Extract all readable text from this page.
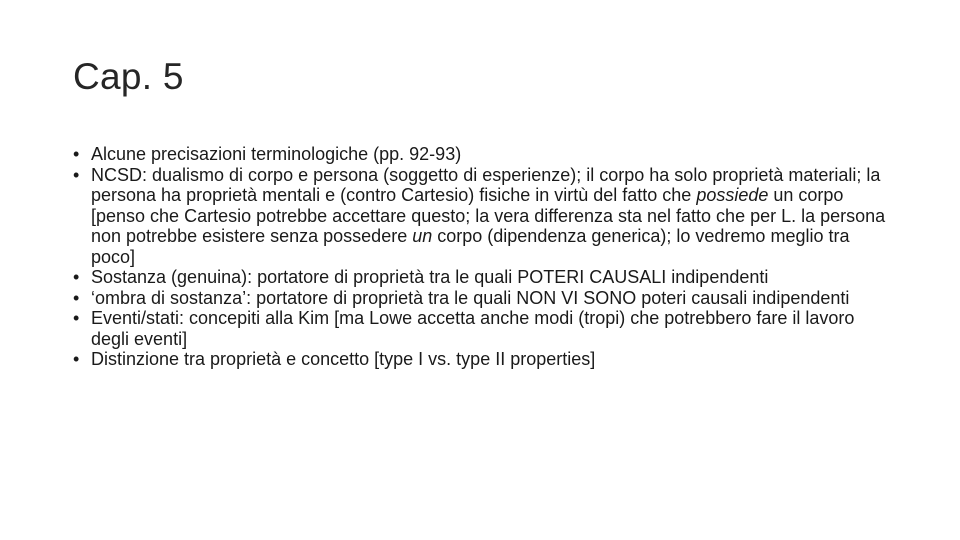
Cap. 5
• Alcune precisazioni terminologiche (pp. 92-93)
• NCSD: dualismo di corpo e persona (soggetto di esperienze); il corpo ha solo proprietà materiali; la persona ha proprietà mentali e (contro Cartesio) fisiche in virtù del fatto che possiede un corpo [penso che Cartesio potrebbe accettare questo; la vera differenza sta nel fatto che per L. la persona non potrebbe esistere senza possedere un corpo (dipendenza generica); lo vedremo meglio tra poco]
• Sostanza (genuina): portatore di proprietà tra le quali POTERI CAUSALI indipendenti
• ‘ombra di sostanza’: portatore di proprietà tra le quali NON VI SONO poteri causali indipendenti
• Eventi/stati: concepiti alla Kim [ma Lowe accetta anche modi (tropi) che potrebbero fare il lavoro degli eventi]
• Distinzione tra proprietà e concetto [type I vs. type II properties]
